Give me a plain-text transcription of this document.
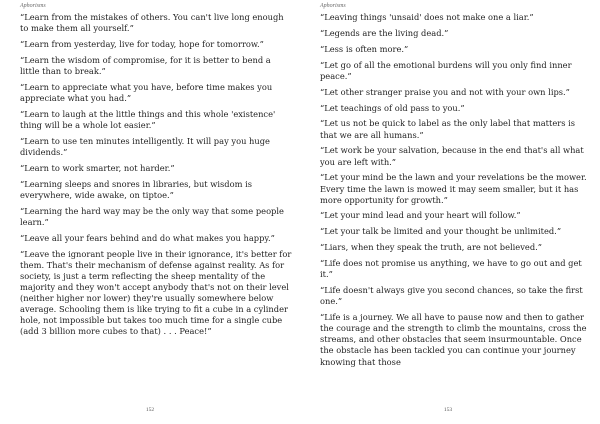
Aphorisms

“Learn from the mistakes of others. You can't live long enough to make them all yourself.”

“Learn from yesterday, live for today, hope for tomorrow.”

“Learn the wisdom of compromise, for it is better to bend a little than to break.”

“Learn to appreciate what you have, before time makes you appreciate what you had.”

“Learn to laugh at the little things and this whole 'existence' thing will be a whole lot easier.”

“Learn to use ten minutes intelligently. It will pay you huge dividends.”

“Learn to work smarter, not harder.”

“Learning sleeps and snores in libraries, but wisdom is everywhere, wide awake, on tiptoe.”

“Learning the hard way may be the only way that some people learn.”

“Leave all your fears behind and do what makes you happy.”

“Leave the ignorant people live in their ignorance, it's better for them. That's their mechanism of defense against reality. As for society, is just a term reflecting the sheep mentality of the majority and they won't accept anybody that's not on their level (neither higher nor lower) they're usually somewhere below average. Schooling them is like trying to fit a cube in a cylinder hole, not impossible but takes too much time for a single cube (add 3 billion more cubes to that) . . . Peace!”

152
Aphorisms

“Leaving things 'unsaid' does not make one a liar.”

“Legends are the living dead.”

“Less is often more.”

“Let go of all the emotional burdens will you only find inner peace.”

“Let other stranger praise you and not with your own lips.”

“Let teachings of old pass to you.”

“Let us not be quick to label as the only label that matters is that we are all humans.”

“Let work be your salvation, because in the end that's all what you are left with.”

“Let your mind be the lawn and your revelations be the mower. Every time the lawn is mowed it may seem smaller, but it has more opportunity for growth.”

“Let your mind lead and your heart will follow.”

“Let your talk be limited and your thought be unlimited.”

“Liars, when they speak the truth, are not believed.”

“Life does not promise us anything, we have to go out and get it.”

“Life doesn't always give you second chances, so take the first one.”

“Life is a journey. We all have to pause now and then to gather the courage and the strength to climb the mountains, cross the streams, and other obstacles that seem insurmountable. Once the obstacle has been tackled you can continue your journey knowing that those

153
